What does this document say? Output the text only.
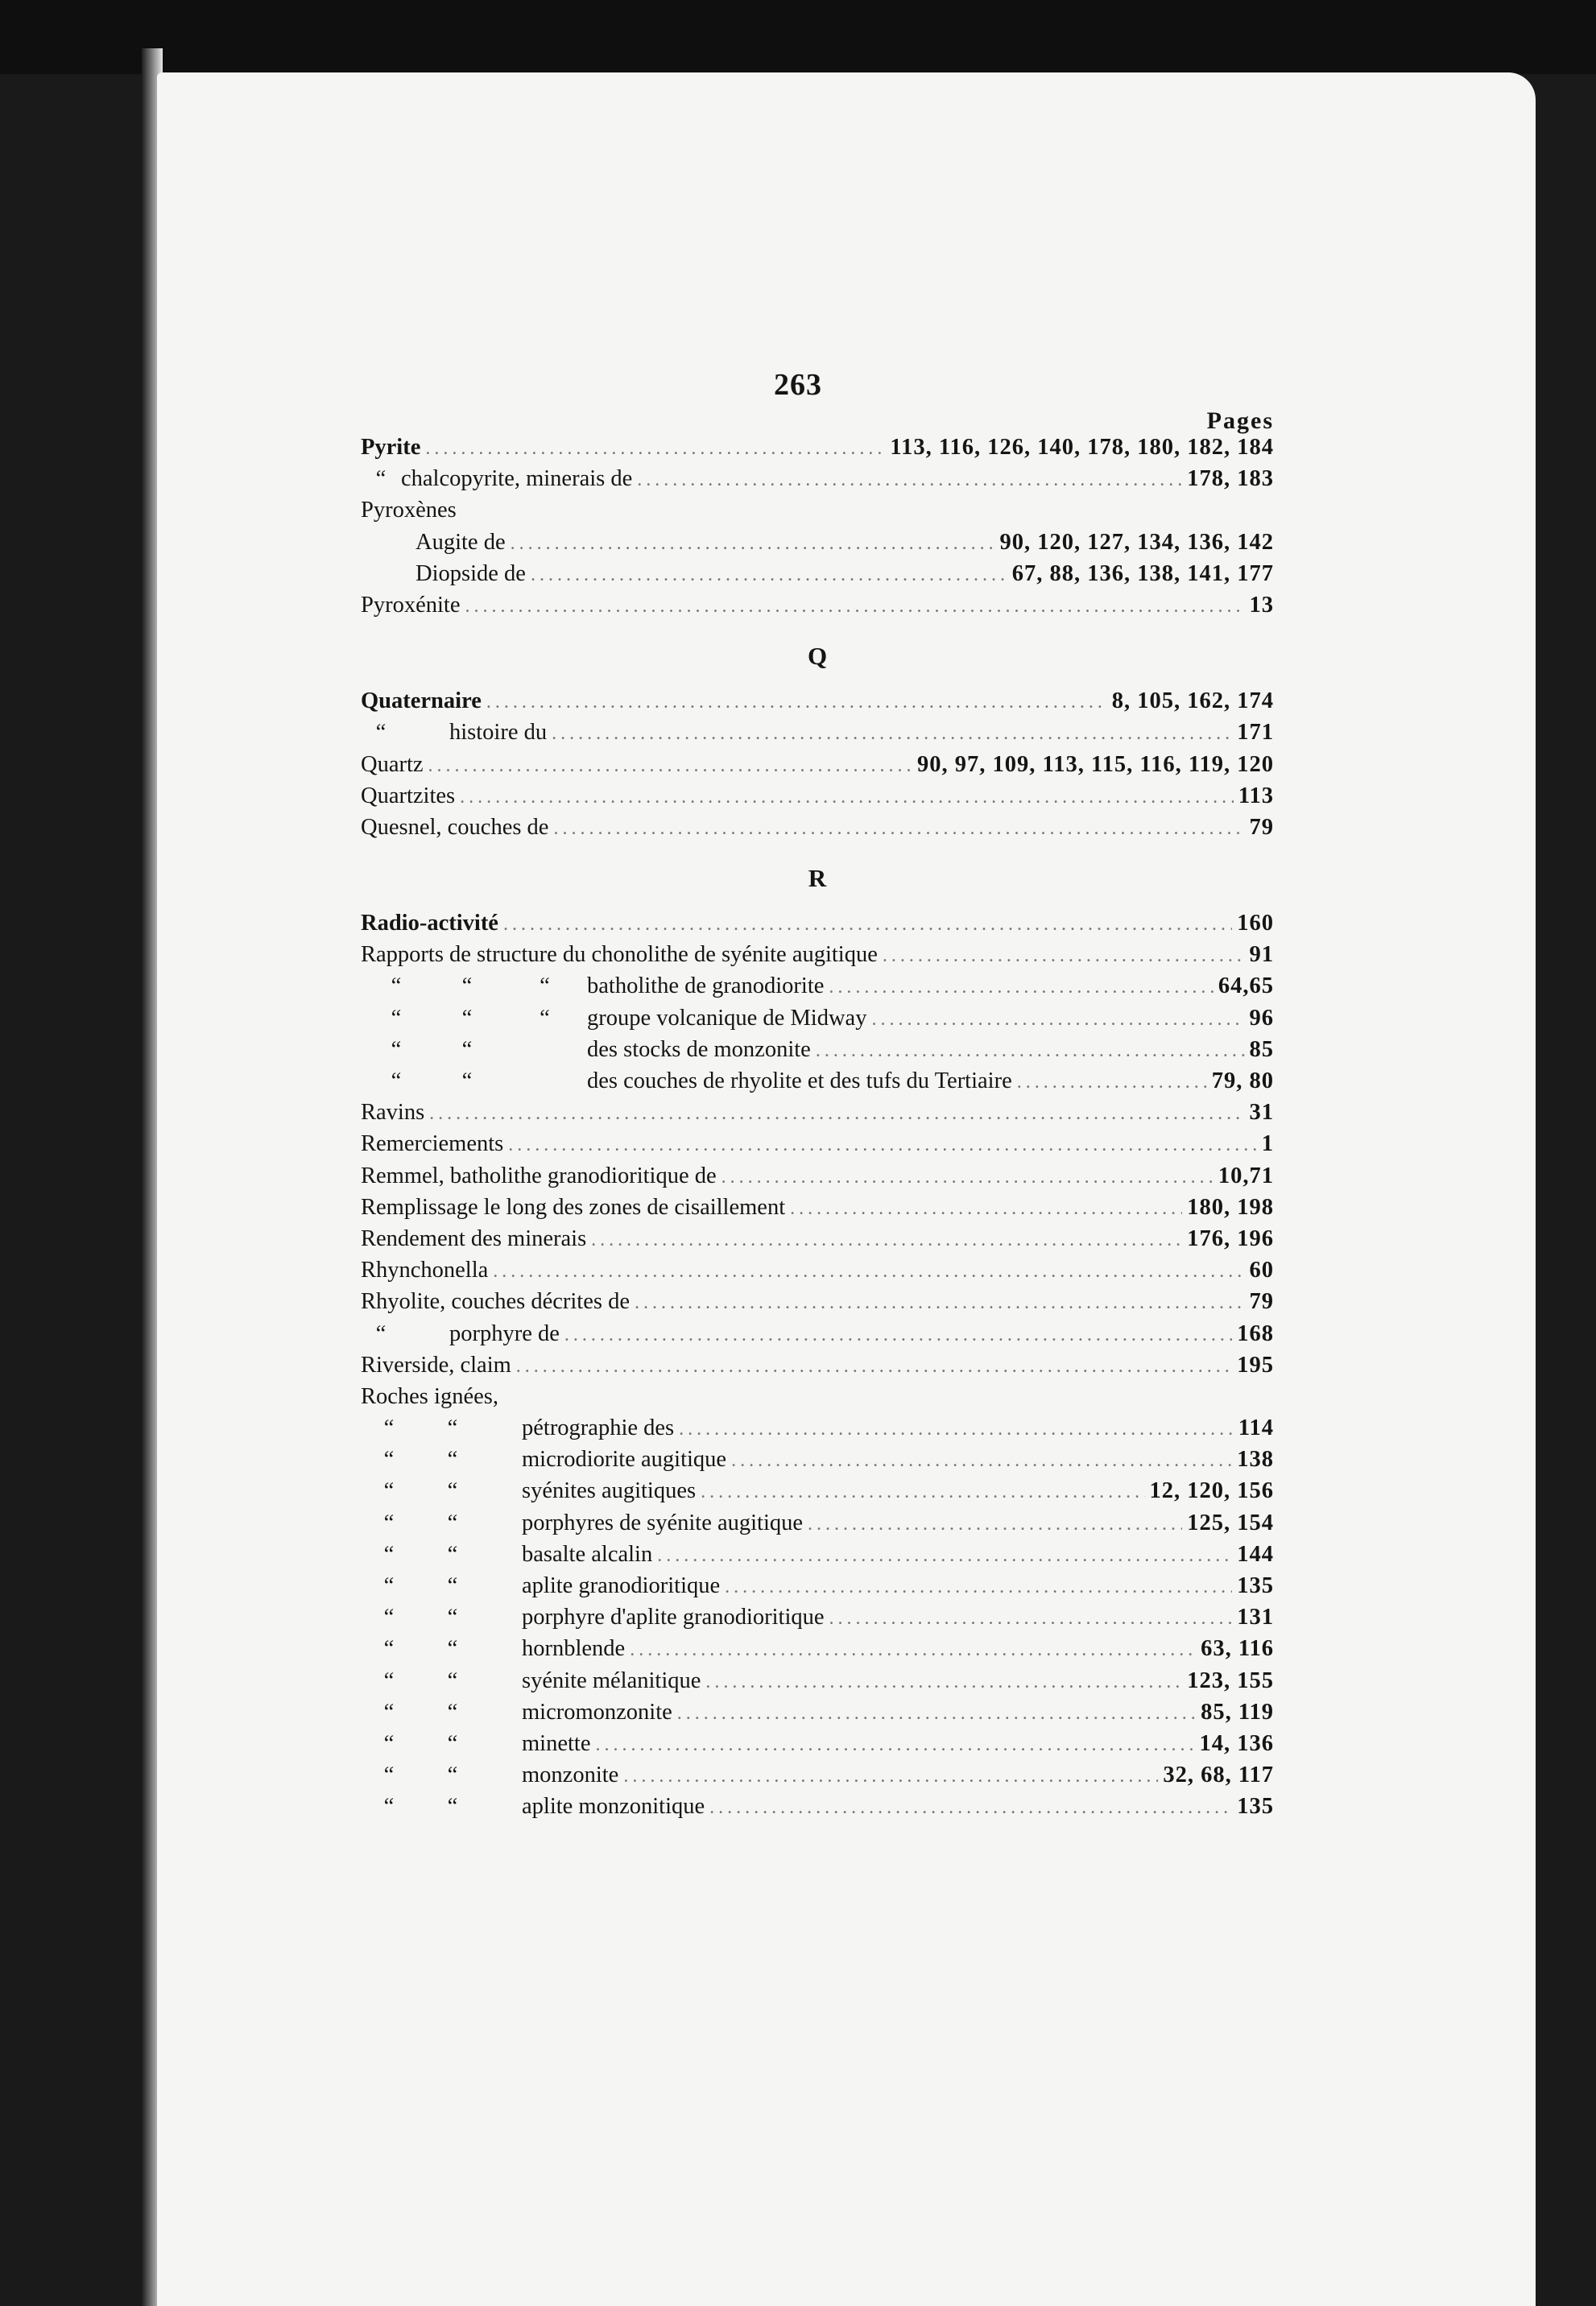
263
Pages
Pyrite .....	113, 116, 126, 140, 178, 180, 182, 184
“ chalcopyrite, minerais de .....	178, 183
Pyroxènes
Augite de .....	90, 120, 127, 134, 136, 142
Diopside de .....	67, 88, 136, 138, 141, 177
Pyroxénite .....	13
Q
Quaternaire .....	8, 105, 162, 174
“	histoire du .....	171
Quartz .....	90, 97, 109, 113, 115, 116, 119, 120
Quartzites .....	113
Quesnel, couches de .....	79
R
Radio-activité .....	160
Rapports de structure du chonolithe de syénite augitique .....	91
“	“	“ batholithe de granodiorite .....	64,65
“	“	“ groupe volcanique de Midway .....	96
“	“	des stocks de monzonite .....	85
“	“	des couches de rhyolite et des tufs du Tertiaire .....	79, 80
Ravins .....	31
Remerciements .....	1
Remmel, batholithe granodioritique de .....	10,71
Remplissage le long des zones de cisaillement .....	180, 198
Rendement des minerais .....	176, 196
Rhynchonella .....	60
Rhyolite, couches décrites de .....	79
“	porphyre de .....	168
Riverside, claim .....	195
Roches ignées,
“ “	pétrographie des .....	114
“ “	microdiorite augitique .....	138
“ “	syénites augitiques .....	12, 120, 156
“ “	porphyres de syénite augitique .....	125, 154
“ “	basalte alcalin .....	144
“ “	aplite granodioritique .....	135
“ “	porphyre d'aplite granodioritique .....	131
“ “	hornblende .....	63, 116
“ “	syénite mélanitique .....	123, 155
“ “	micromonzonite .....	85, 119
“ “	minette .....	14, 136
“ “	monzonite .....	32, 68, 117
“ “	aplite monzonitique .....	135
